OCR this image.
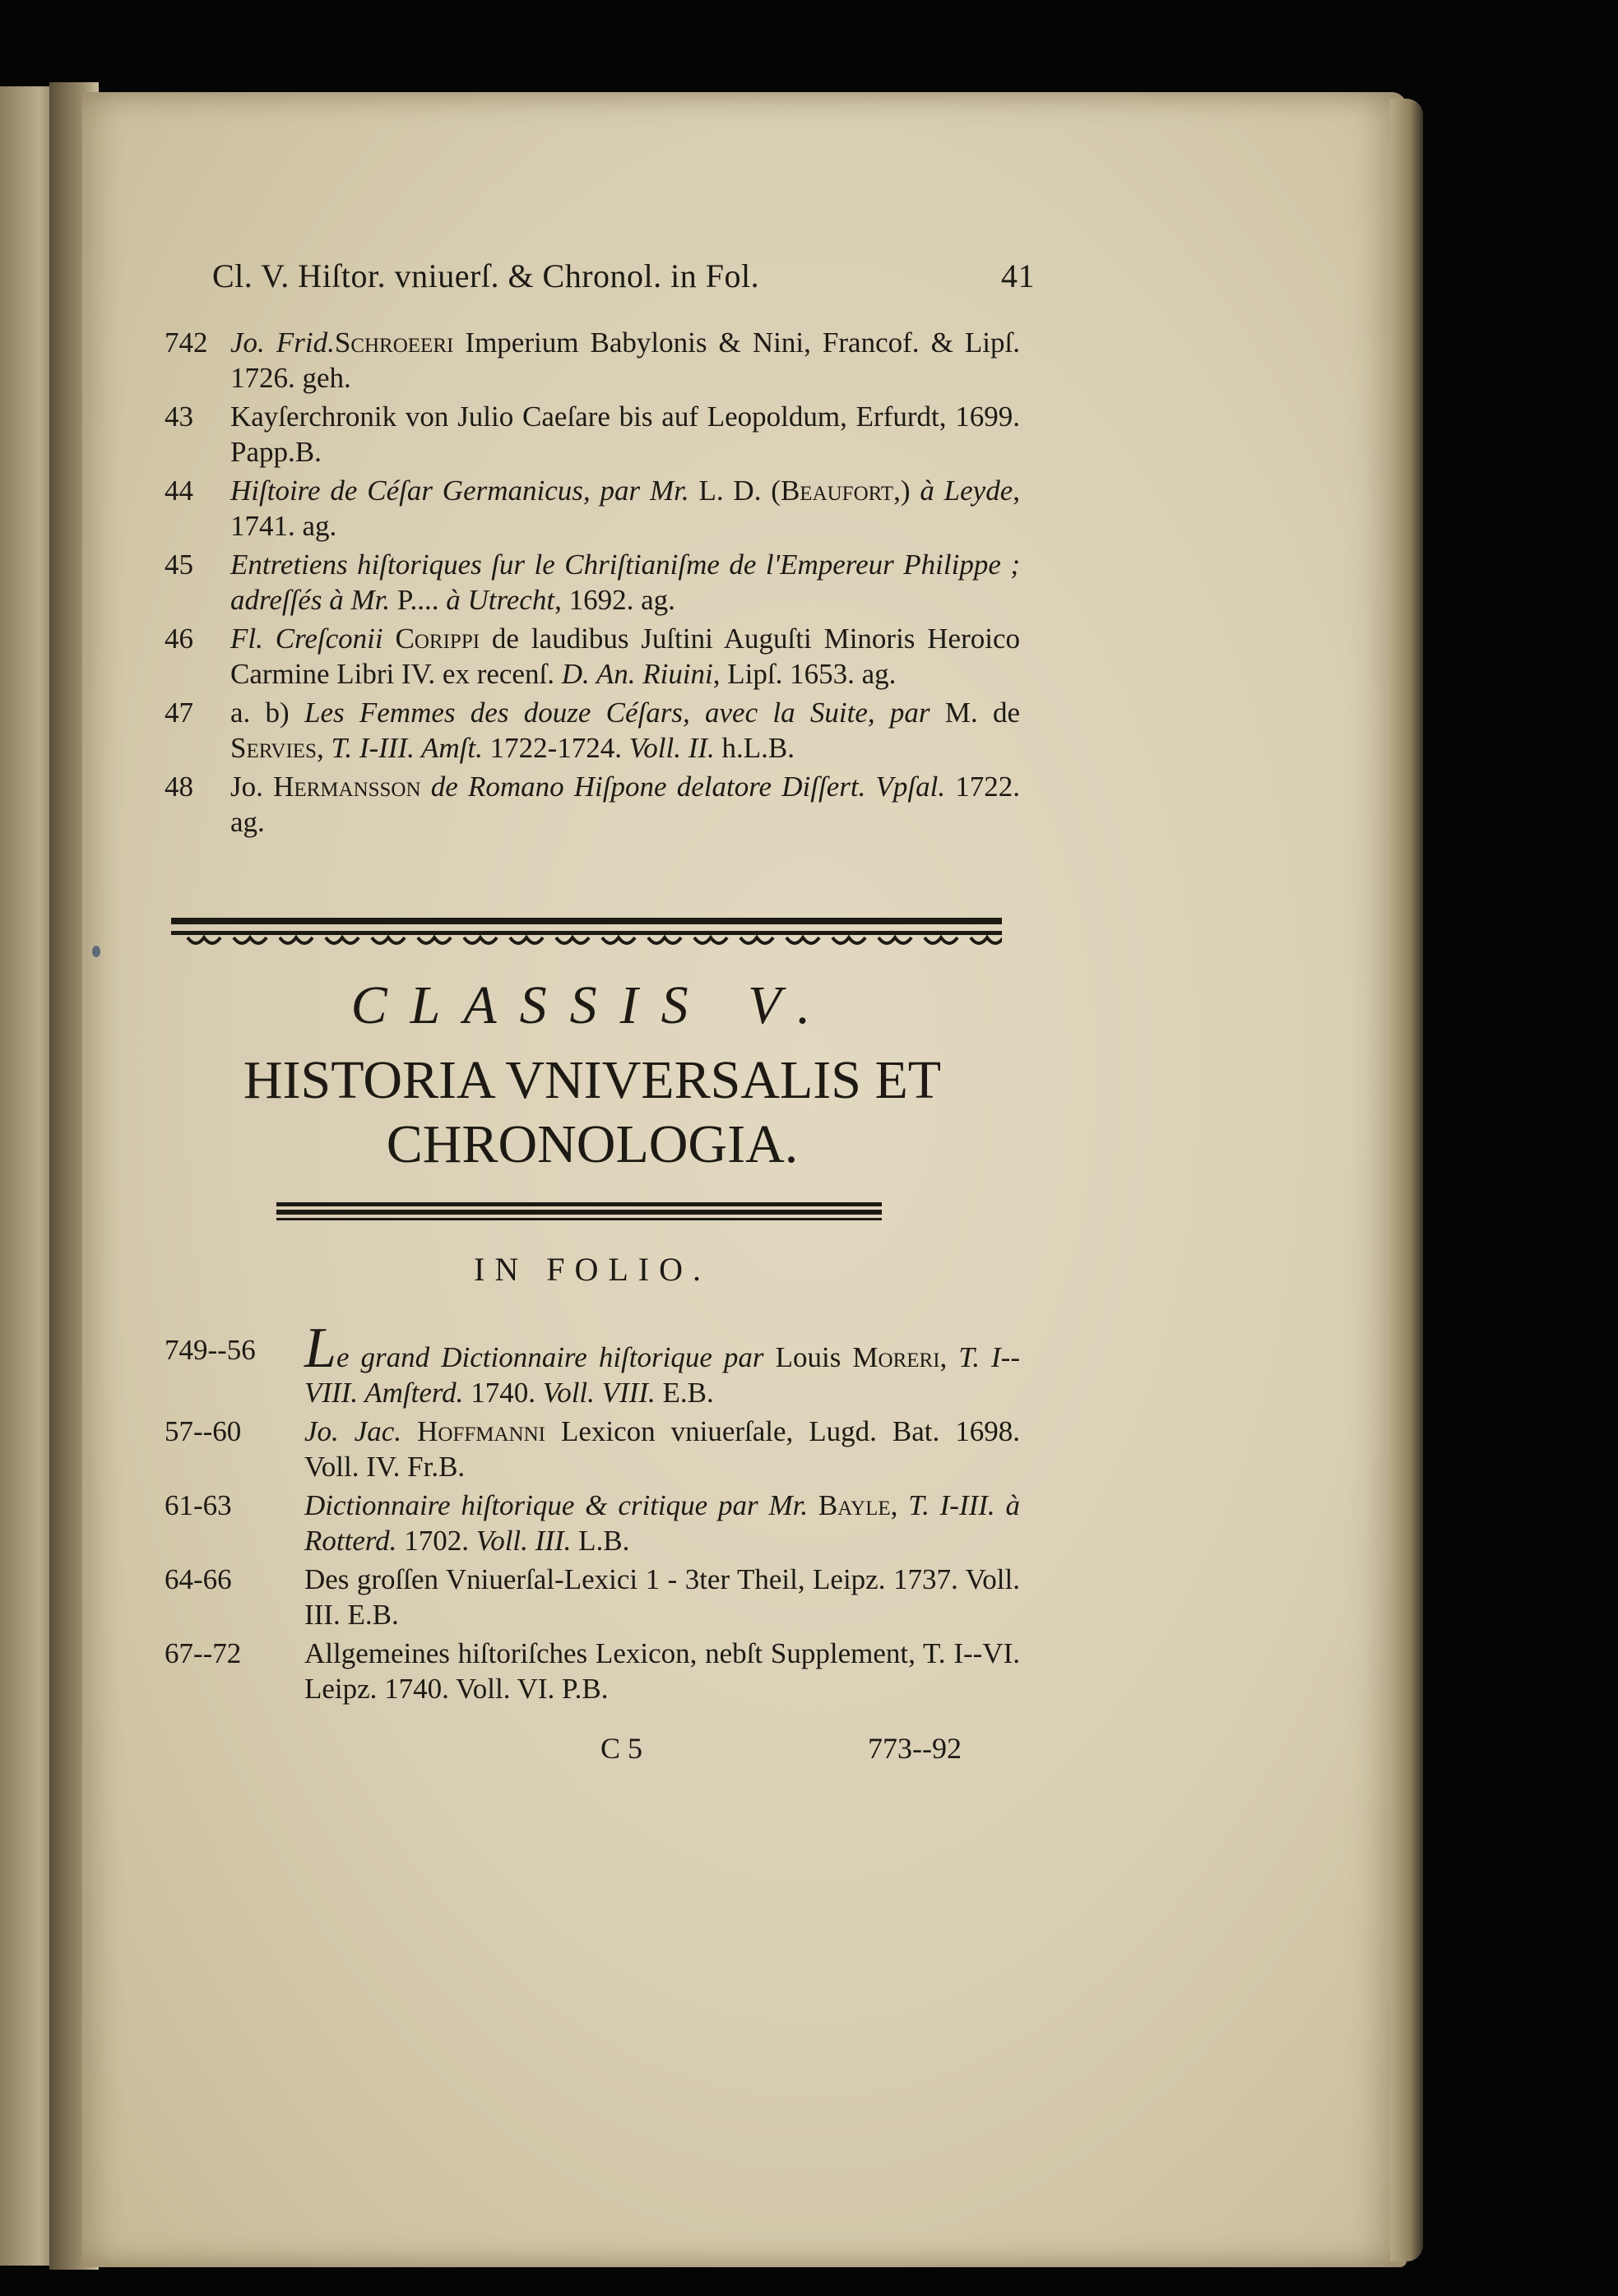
Cl. V. Hiſtor. vniuerſ. & Chronol. in Fol.	41
742 Jo. Frid.Schroeeri Imperium Babylonis & Nini, Francof. & Lipſ. 1726. geh.
43 Kayſerchronik von Julio Caeſare bis auf Leopoldum, Erfurdt, 1699. Papp.B.
44 Hiſtoire de Céſar Germanicus, par Mr. L. D. (Beaufort,) à Leyde, 1741. ag.
45 Entretiens hiſtoriques ſur le Chriſtianiſme de l'Empereur Philippe ; adreſſés à Mr. P.... à Utrecht, 1692. ag.
46 Fl. Creſconii Corippi de laudibus Juſtini Auguſti Minoris Heroico Carmine Libri IV. ex recenſ. D. An. Riuini, Lipſ. 1653. ag.
47 a. b) Les Femmes des douze Céſars, avec la Suite, par M. de Servies, T. I-III. Amſt. 1722-1724. Voll. II. h.L.B.
48 Jo. Hermansson de Romano Hiſpone delatore Diſſert. Vpſal. 1722. ag.
CLASSIS V.
HISTORIA VNIVERSALIS ET
CHRONOLOGIA.
IN FOLIO.
749--56 Le grand Dictionnaire hiſtorique par Louis Moreri, T. I--VIII. Amſterd. 1740. Voll. VIII. E.B.
57--60 Jo. Jac. Hoffmanni Lexicon vniuerſale, Lugd. Bat. 1698. Voll. IV. Fr.B.
61-63	Dictionnaire hiſtorique & critique par Mr. Bayle, T. I-III. à Rotterd. 1702. Voll. III. L.B.
64-66	Des groſſen Vniuerſal-Lexici 1 - 3ter Theil, Leipz. 1737. Voll. III. E.B.
67--72 Allgemeines hiſtoriſches Lexicon, nebſt Supplement, T. I--VI. Leipz. 1740. Voll. VI. P.B.
C 5	773--92
